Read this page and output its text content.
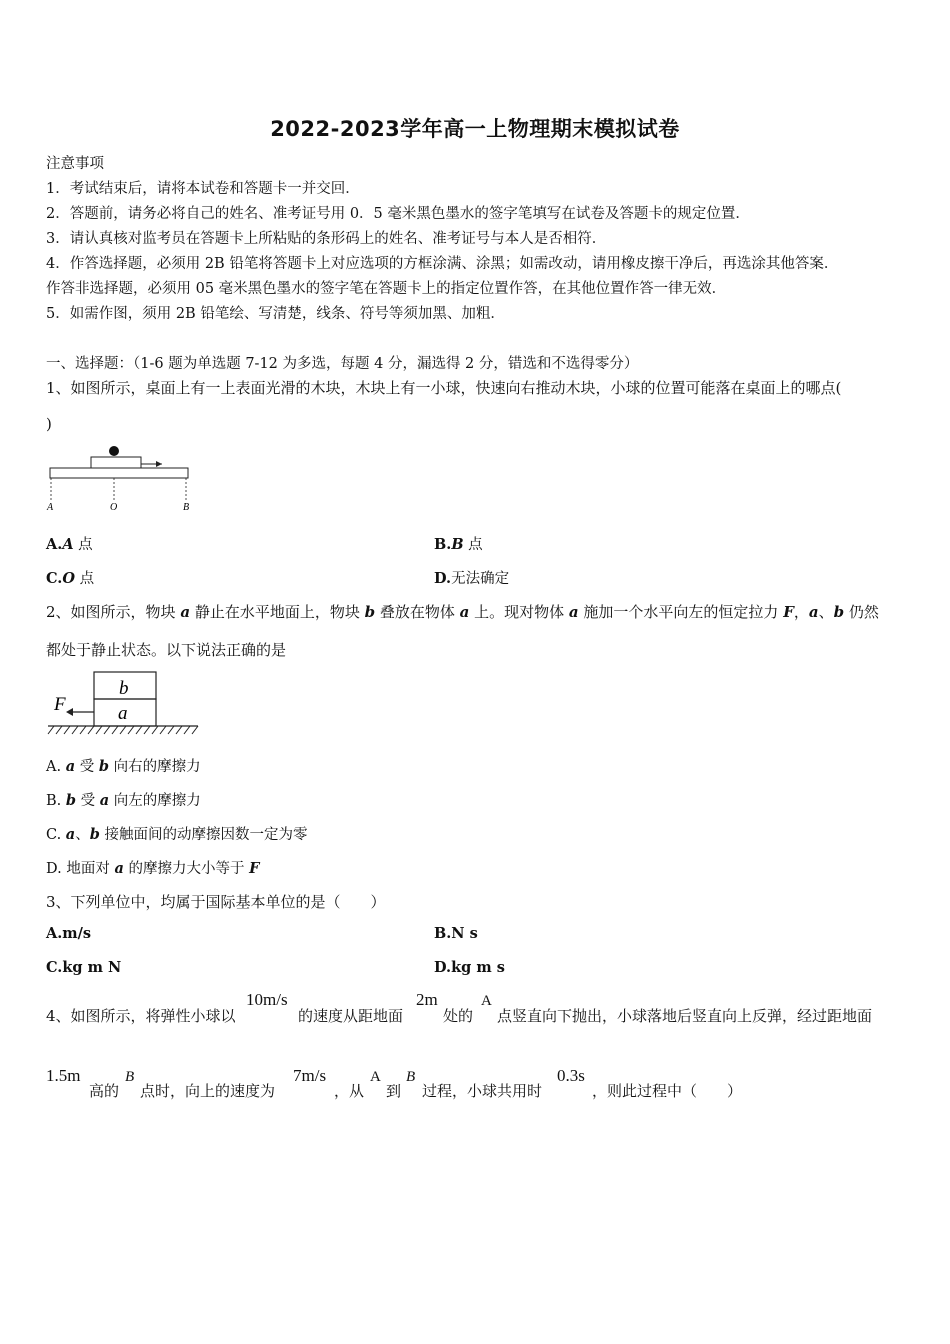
2022-2023学年高一上物理期末模拟试卷
注意事项
1．考试结束后，请将本试卷和答题卡一并交回．
2．答题前，请务必将自己的姓名、准考证号用 0．5 毫米黑色墨水的签字笔填写在试卷及答题卡的规定位置．
3．请认真核对监考员在答题卡上所粘贴的条形码上的姓名、准考证号与本人是否相符．
4．作答选择题，必须用 2B 铅笔将答题卡上对应选项的方框涂满、涂黑；如需改动，请用橡皮擦干净后，再选涂其他答案．
作答非选择题，必须用 05 毫米黑色墨水的签字笔在答题卡上的指定位置作答，在其他位置作答一律无效．
5．如需作图，须用 2B 铅笔绘、写清楚，线条、符号等须加黑、加粗．
一、选择题：（1-6 题为单选题 7-12 为多选，每题 4 分，漏选得 2 分，错选和不选得零分）
1、如图所示，桌面上有一上表面光滑的木块，木块上有一小球，快速向右推动木块，小球的位置可能落在桌面上的哪点(
)
A	O	B
A.A 点	B.B 点
C.O 点	D.无法确定
2、如图所示，物块 a 静止在水平地面上，物块 b 叠放在物体 a 上。现对物体 a 施加一个水平向左的恒定拉力 F，a、b 仍然
都处于静止状态。以下说法正确的是
b
a
F
A. a 受 b 向右的摩擦力
B. b 受 a 向左的摩擦力
C. a、b 接触面间的动摩擦因数一定为零
D. 地面对 a 的摩擦力大小等于 F
3、下列单位中，均属于国际基本单位的是（　　）
A.m/s	B.N s
C.kg m N	D.kg m s
4、如图所示，将弹性小球以
10m/s
的速度从距地面
2m
处的
A
点竖直向下抛出，小球落地后竖直向上反弹，经过距地面
1.5m
高的
B
点时，向上的速度为
7m/s
，从
A
到
B
过程，小球共用时
0.3s
，则此过程中（　　）
